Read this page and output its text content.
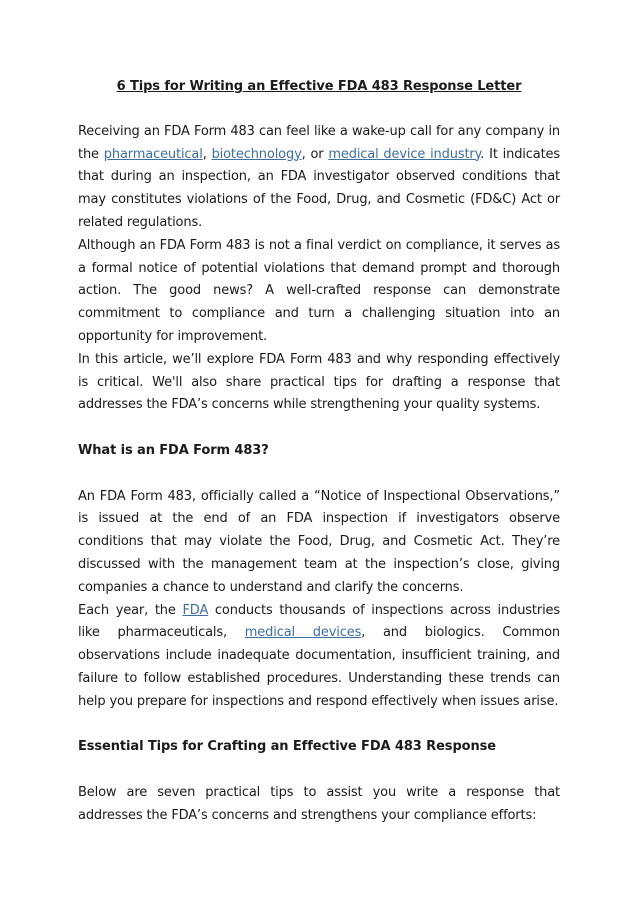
6 Tips for Writing an Effective FDA 483 Response Letter

Receiving an FDA Form 483 can feel like a wake-up call for any company in the pharmaceutical, biotechnology, or medical device industry. It indicates that during an inspection, an FDA investigator observed conditions that may constitutes violations of the Food, Drug, and Cosmetic (FD&C) Act or related regulations.

Although an FDA Form 483 is not a final verdict on compliance, it serves as a formal notice of potential violations that demand prompt and thorough action. The good news? A well-crafted response can demonstrate commitment to compliance and turn a challenging situation into an opportunity for improvement.

In this article, we’ll explore FDA Form 483 and why responding effectively is critical. We'll also share practical tips for drafting a response that addresses the FDA’s concerns while strengthening your quality systems.

What is an FDA Form 483?

An FDA Form 483, officially called a “Notice of Inspectional Observations,” is issued at the end of an FDA inspection if investigators observe conditions that may violate the Food, Drug, and Cosmetic Act. They’re discussed with the management team at the inspection’s close, giving companies a chance to understand and clarify the concerns.

Each year, the FDA conducts thousands of inspections across industries like pharmaceuticals, medical devices, and biologics. Common observations include inadequate documentation, insufficient training, and failure to follow established procedures. Understanding these trends can help you prepare for inspections and respond effectively when issues arise.

Essential Tips for Crafting an Effective FDA 483 Response

Below are seven practical tips to assist you write a response that addresses the FDA’s concerns and strengthens your compliance efforts:
